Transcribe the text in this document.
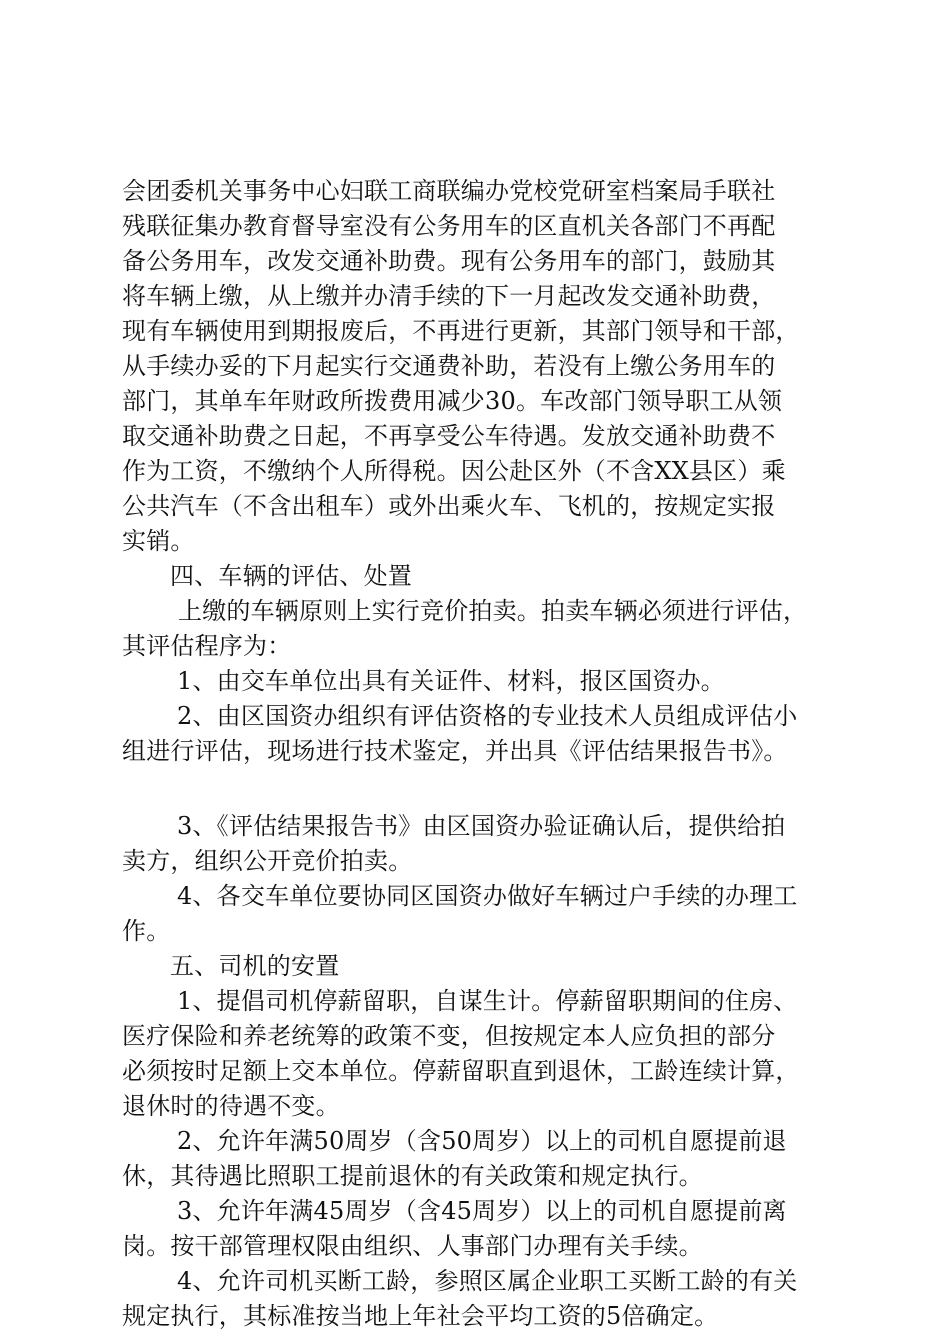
会团委机关事务中心妇联工商联编办党校党研室档案局手联社
残联征集办教育督导室没有公务用车的区直机关各部门不再配
备公务用车，改发交通补助费。现有公务用车的部门，鼓励其
将车辆上缴，从上缴并办清手续的下一月起改发交通补助费，
现有车辆使用到期报废后，不再进行更新，其部门领导和干部，
从手续办妥的下月起实行交通费补助，若没有上缴公务用车的
部门，其单车年财政所拨费用减少30。车改部门领导职工从领
取交通补助费之日起，不再享受公车待遇。发放交通补助费不
作为工资，不缴纳个人所得税。因公赴区外（不含XX县区）乘
公共汽车（不含出租车）或外出乘火车、飞机的，按规定实报
实销。
四、车辆的评估、处置
上缴的车辆原则上实行竞价拍卖。拍卖车辆必须进行评估，
其评估程序为：
1、由交车单位出具有关证件、材料，报区国资办。
2、由区国资办组织有评估资格的专业技术人员组成评估小
组进行评估，现场进行技术鉴定，并出具《评估结果报告书》。
3、《评估结果报告书》由区国资办验证确认后，提供给拍
卖方，组织公开竞价拍卖。
4、各交车单位要协同区国资办做好车辆过户手续的办理工
作。
五、司机的安置
1、提倡司机停薪留职，自谋生计。停薪留职期间的住房、
医疗保险和养老统筹的政策不变，但按规定本人应负担的部分
必须按时足额上交本单位。停薪留职直到退休，工龄连续计算，
退休时的待遇不变。
2、允许年满50周岁（含50周岁）以上的司机自愿提前退
休，其待遇比照职工提前退休的有关政策和规定执行。
3、允许年满45周岁（含45周岁）以上的司机自愿提前离
岗。按干部管理权限由组织、人事部门办理有关手续。
4、允许司机买断工龄，参照区属企业职工买断工龄的有关
规定执行，其标准按当地上年社会平均工资的5倍确定。
